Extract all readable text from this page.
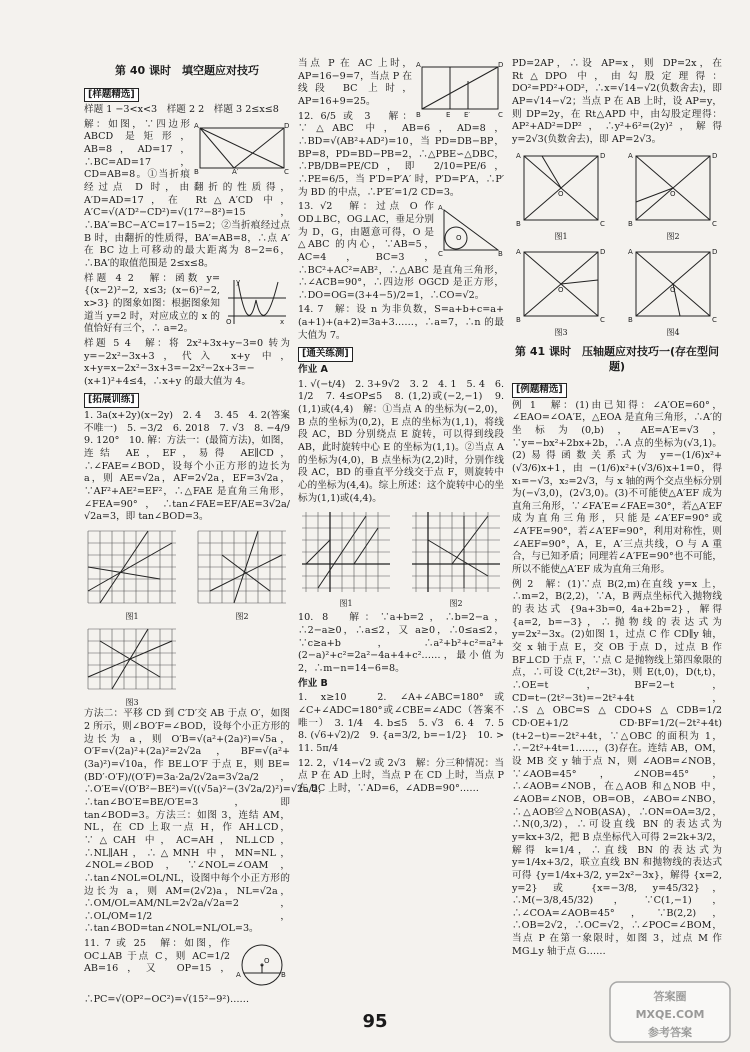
第 40 课时　填空题应对技巧
[样题精选]

样题 1 −3<x<3　样题 2 2　样题 3 2≤x≤8

A	D
B	C
A′

解：如图，∵四边形 ABCD 是矩形，AB=8，AD=17，∴BC=AD=17，CD=AB=8。①当折痕经过点 D 时，由翻折的性质得，A′D=AD=17，在 Rt△A′CD 中，A′C=√(A′D²−CD²)=√(17²−8²)=15，∴BA′=BC−A′C=17−15=2；②当折痕经过点 B 时，由翻折的性质得，BA′=AB=8，∴点 A′在 BC 边上可移动的最大距离为 8−2=6，∴BA′的取值范围是 2≤x≤8。

O	x
y

样题 4 2　解：函数 y={(x−2)²−2, x≤3; (x−6)²−2, x>3} 的图象如图：根据图象知道当 y=2 时，对应成立的 x 的值恰好有三个，∴ a=2。

样题 5 4　解：将 2x²+3x+y−3=0 转为 y=−2x²−3x+3，代入 x+y 中，x+y=x−2x²−3x+3=−2x²−2x+3=−(x+1)²+4≤4，∴x+y 的最大值为 4。

[拓展训练]

1. 3a(x+2y)(x−2y)　2. 4 　3. 45　4. 2(答案不唯一)　5. −3/2　6. 2018　7. √3　8. −4/9　9. 120°　10. 解：方法一：(最简方法)，如图，连结 AE，EF，易得 AE∥CD，∴∠FAE=∠BOD，设每个小正方形的边长为 a，则 AE=√2a，AF=2√2a，EF=3√2a，∵AF²+AE²=EF²，∴△FAE 是直角三角形，∠FEA=90°，∴tan∠FAE=EF/AE=3√2a/√2a=3，即 tan∠BOD=3。

图1	图2
图3

方法二：平移 CD 到 C′D′交 AB 于点 O′，如图 2 所示，则∠BO′F=∠BOD，设每个小正方形的边长为 a，则 O′B=√(a²+(2a)²)=√5a，O′F=√(2a)²+(2a)²=2√2a，BF=√(a²+(3a)²)=√10a，作 BE⊥O′F 于点 E，则 BE=(BD′·O′F)/(O′F)=3a·2a/2√2a=3√2a/2，∴O′E=√(O′B²−BE²)=√((√5a)²−(3√2a/2)²)=√2a/2，∴tan∠BO′E=BE/O′E=3，即 tan∠BOD=3。方法三：如图 3，连结 AM，NL，在 CD 上取一点 H，作 AH⊥CD，∵△CAH 中，AC=AH，NL⊥CD，∴NL∥AH，∴△MNH 中，MN=NL，∠NOL=∠BOD，∵∠NOL=∠OAM，∴tan∠NOL=OL/NL，设图中每个小正方形的边长为 a，则 AM=(2√2)a，NL=√2a，∴OM/OL=AM/NL=2√2a/√2a=2，∴OL/OM=1/2，∴tan∠BOD=tan∠NOL=NL/OL=3。

A	B
O

11. 7 或 25　解：如图，作 OC⊥AB 于点 C，则 AC=1/2 AB=16，又 OP=15，∴PC=√(OP²−OC²)=√(15²−9²)……

A	D
B	C
E E′

当点 P 在 AC 上时，AP=16−9=7，当点 P 在线段 BC 上时，AP=16+9=25。

12. 6/5 或 3　解：∵△ABC 中，AB=6，AD=8，∴BD=√(AB²+AD²)=10，当 PD=DB−BP，BP=8，PD=BD−PB=2，∴△PBE∽△DBC，∴PB/DB=PE/CD，即 2/10=PE/6，∴PE=6/5，当 P′D=P′A′ 时，P′D=P′A，∴P′为 BD 的中点，∴P′E′=1/2 CD=3。

A
B
C
O

13. √2　解：过点 O 作 OD⊥BC，OG⊥AC，垂足分别为 D，G，由题意可得，O 是△ABC 的内心，∵AB=5，AC=4，BC=3，∴BC²+AC²=AB²，∴△ABC 是直角三角形，∴∠ACB=90°，∴四边形 OGCD 是正方形，∴DO=OG=(3+4−5)/2=1，∴CO=√2。

14. 7　解：设 n 为非负数，S=a+b+c=a+(a+1)+(a+2)=3a+3……，∴a=7，∴n 的最大值为 7。

[通关练测]

作业 A

1. √(−t/4)　2. 3+9√2　3. 2　4. 1　5. 4　6. 1/2　7. 4≤OP≤5　8. (1,2)或(−2,−1)　9. (1,1)或(4,4)　解：①当点 A 的坐标为(−2,0)，B 点的坐标为(0,2)，E 点的坐标为(1,1)，将线段 AC，BD 分别绕点 E 旋转，可以得到线段 AB，此时旋转中心 E 的坐标为(1,1)。②当点 A 的坐标为(4,0)，B 点坐标为(2,2)时，分别作线段 AC，BD 的垂直平分线交于点 F，则旋转中心的坐标为(4,4)。综上所述：这个旋转中心的坐标为(1,1)或(4,4)。

图1	图2

10. 8　解：∵a+b=2，∴b=2−a，∴2−a≥0，∴a≤2，又 a≥0，∴0≤a≤2，∵c≥a+b，∴a²+b²+c²=a²+(2−a)²+c²=2a²−4a+4+c²……，最小值为 2，∴m−n=14−6=8。

作业 B

1. x≥10　2. ∠A+∠ABC=180°或∠C+∠ADC=180°或∠CBE=∠ADC（答案不唯一）　3. 1/4　4. b≤5　5. √3　6. 4　7. 5　8. (√6+√2)/2　9. {a=3/2, b=−1/2}　10. >　11. 5π/4

12. 2，√14−√2 或 2√3　解：分三种情况：当点 P 在 AD 上时，当点 P 在 CD 上时，当点 P 在 BC 上时，∵AD=6，∠ADB=90°……

PD=2AP，∴设 AP=x，则 DP=2x，在 Rt△DPO 中，由勾股定理得：DO²=PD²+OD²，∴x=√14−√2(负数舍去)，即 AP=√14−√2；当点 P 在 AB 上时，设 AP=y，则 DP=2y，在 Rt△APD 中，由勾股定理得：AP²+AD²=DP²，∴y²+6²=(2y)²，解得 y=2√3(负数舍去)，即 AP=2√3。

A	D
B	C
O
图1
A	D
B	C
O
图2
A	D
B	C
O
图3
A	D
B	C
O
图4
第 41 课时　压轴题应对技巧一(存在型问题)
[例题精选]

例 1　解：(1)由已知得：∠A′OE=60°，∠EAO=∠OA′E，△EOA 是直角三角形，∴A′的坐标为(0,b)，AE=A′E=√3，∵y=−bx²+2bx+2b，∴A 点的坐标为(√3,1)。(2)易得函数关系式为 y=−(1/6)x²+(√3/6)x+1，由 −(1/6)x²+(√3/6)x+1=0，得 x₁=−√3，x₂=2√3，与 x 轴的两个交点坐标分别为(−√3,0)，(2√3,0)。(3)不可能使△A′EF 成为直角三角形，∵∠FA′E=∠FAE=30°，若△A′EF 成为直角三角形，只能是∠A′EF=90°或∠A′FE=90°，若∠A′EF=90°，利用对称性，则∠AEF=90°，A，E，A′三点共线，O 与 A 重合，与已知矛盾；同理若∠A′FE=90°也不可能，所以不能使△A′EF 成为直角三角形。

例 2　解：(1)∵点 B(2,m)在直线 y=x 上，∴m=2，B(2,2)，∵A，B 两点坐标代入抛物线的表达式 {9a+3b=0, 4a+2b=2}，解得 {a=2, b=−3}，∴抛物线的表达式为 y=2x²−3x。(2)如图 1，过点 C 作 CD∥y 轴，交 x 轴于点 E，交 OB 于点 D，过点 B 作 BF⊥CD 于点 F，∵点 C 是抛物线上第四象限的点，∴可设 C(t,2t²−3t)，则 E(t,0)，D(t,t)，∴OE=t，BF=2−t，CD=t−(2t²−3t)=−2t²+4t，∴S△OBC=S△CDO+S△CDB=1/2 CD·OE+1/2 CD·BF=1/2(−2t²+4t)(t+2−t)=−2t²+4t，∵△OBC 的面积为 1，∴−2t²+4t=1……，(3)存在。连结 AB，OM，设 MB 交 y 轴于点 N，则 ∠AOB=∠NOB，∵∠AOB=45°，∠NOB=45°，∴∠AOB=∠NOB，在△AOB 和△NOB 中，∠AOB=∠NOB，OB=OB，∠ABO=∠NBO，∴△AOB≌△NOB(ASA)，∴ON=OA=3/2，∴N(0,3/2)，∴可设直线 BN 的表达式为 y=kx+3/2，把 B 点坐标代入可得 2=2k+3/2，解得 k=1/4，∴直线 BN 的表达式为 y=1/4x+3/2，联立直线 BN 和抛物线的表达式可得 {y=1/4x+3/2, y=2x²−3x}，解得 {x=2, y=2} 或 {x=−3/8, y=45/32}，∴M(−3/8,45/32)，∵C(1,−1)，∴∠COA=∠AOB=45°，∵B(2,2)，∴OB=2√2，∴OC=√2，∴∠POC=∠BOM，当点 P 在第一象限时，如图 3，过点 M 作 MG⊥y 轴于点 G……

95
答案圈
MXQE.COM
参考答案
